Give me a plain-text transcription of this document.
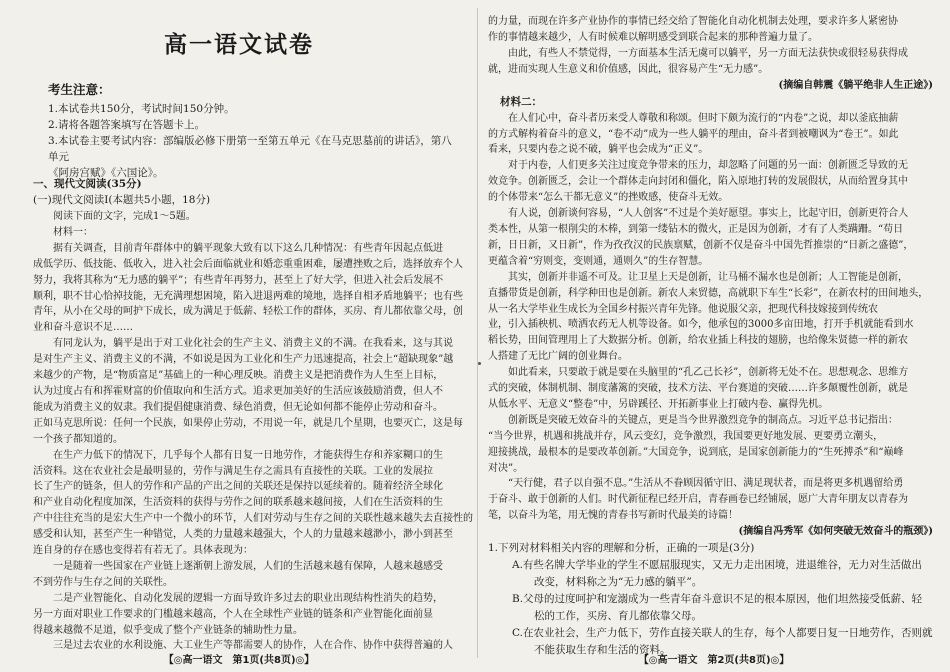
高一语文试卷
考生注意：
1.本试卷共150分，考试时间150分钟。
2.请将各题答案填写在答题卡上。
3.本试卷主要考试内容：部编版必修下册第一至第五单元《在马克思墓前的讲话》，第八单元
《阿房宫赋》《六国论》。
一、现代文阅读(35分)
(一)现代文阅读Ⅰ(本题共5小题，18分)
阅读下面的文字，完成1～5题。
材料一：
据有关调查，目前青年群体中的躺平现象大致有以下这么几种情况：有些青年因起点低进
成低学历、低技能、低收入，进入社会后面临就业和婚恋重重困难，屡遭挫败之后，选择放弃个人
努力，我将其称为“无力感的躺平”；有些青年再努力，甚至上了好大学，但进入社会后发展不
顺利，职不甘心恰掉技能，无充满理想困境，陷入进退两难的境地，选择自相矛盾地躺平；也有些
青年，从小在父母的呵护下成长，成为满足于低薪、轻松工作的群体，买房、育儿都依靠父母，创
业和奋斗意识不足……
有同龙认为，躺平是出于对工业化社会的生产主义、消费主义的不满。在我看来，这与其说
是对生产主义、消费主义的不满，不如说是因为工业化和生产力迅速提高，社会上“超缺现象”越
来越少的产物，是“物质富足”基础上的一种心理反映。消费主义是把消费作为人生至上目标，
认为过度占有和挥霍财富的价值取向和生活方式。追求更加美好的生活应该鼓励消费，但人不
能成为消费主义的奴隶。我们提倡健康消费、绿色消费，但无论如何都不能停止劳动和奋斗。
正如马克思所说：任何一个民族，如果停止劳动，不用说一年，就是几个星期，也要灭亡，这是每
一个孩子都知道的。
在生产力低下的情况下，几乎每个人都有日复一日地劳作，才能获得生存和养家糊口的生
活资料。这在农业社会是最明显的，劳作与满足生存之需具有直接性的关联。工业的发展拉
长了生产的链条，但人的劳作和产品的产出之间的关联还是保持以延续着的。随着经济全球化
和产业自动化程度加深，生活资料的获得与劳作之间的联系越来越间接，人们在生活资料的生
产中往往充当的是宏大生产中一个微小的环节，人们对劳动与生存之间的关联性越来越失去直接性的
感受和认知，甚至产生一种错觉，人类的力量越来越强大，个人的力量越来越渺小，渺小到甚至
连自身的存在感也变得若有若无了。具体表现为：
一是随着一些国家在产业链上逐渐朝上游发展，人们的生活越来越有保障，人越来越感受
不到劳作与生存之间的关联性。
二是产业智能化、自动化发展的逻辑一方面导致许多过去的职业出现结构性消失的趋势，
另一方面对职业工作要求的门槛越来越高，个人在全球性产业链的链条和产业智能化面前显
得越来越微不足道，似乎变成了整个产业链条的辅助性力量。
三是过去农业的水利设施、大工业生产等都需要人的协作，人在合作、协作中获得普遍的人
【◎高一语文　第1页(共8页)◎】
的力量，而现在许多产业协作的事情已经交给了智能化自动化机制去处理，要求许多人紧密协
作的事情越来越少，人有时候难以解明感受到联合起来的那种普遍力量了。
由此，有些人不禁觉得，一方面基本生活无虞可以躺平，另一方面无法获快或很轻易获得成
就，进而实现人生意义和价值感，因此，很容易产生“无力感”。
(摘编自韩震《躺平绝非人生正途》)
材料二：
在人们心中，奋斗者历来受人尊敬和称颂。但时下颇为流行的“内卷”之说，却以釜底抽薪
的方式解构着奋斗的意义，“卷不动”成为一些人躺平的理由，奋斗者到被嘲讽为“卷王”。如此
看来，只要内卷之说不破，躺平也会成为“正义”。
对于内卷，人们更多关注过度竞争带来的压力，却忽略了问题的另一面：创新匮乏导致的无
效竞争。创新匮乏，会让一个群体走向封闭和僵化，陷入原地打转的发展假状，从而给置身其中
的个体带来“怎么干都无意义”的挫败感，使奋斗无效。
有人说，创新谈何容易，“人人创客”不过是个美好愿望。事实上，比起守旧，创新更符合人
类本性，从第一根削尖的木棒，到第一缕钻木的微火，正是因为创新，才有了人类蹒跚。“苟日
新，日日新，又日新”，作为孜孜汉的民族禀赋，创新不仅是奋斗中国先哲推崇的“日新之盛德”，
更蕴含着“穷则变，变则通，通则久”的生存智慧。
其实，创新并非遥不可及。让卫星上天是创新，让马桶不漏水也是创新；人工智能是创新，
直播带货是创新，科学种田也是创新。新农人来贸德，高就职下车生“长彩”，在新农村的田间地头，
从一名大学毕业生成长为全国乡村振兴青年先锋。他说服父亲，把现代科技嫁接到传统农
业，引入插秧机、喷洒农药无人机等设备。如今，他承包的3000多亩田地，打开手机就能看到水
稻长势，田间管理用上了大数据分析。创新，给农业插上科技的翅膀，也给像朱贤德一样的新农
人搭建了无比广阔的创业舞台。
如此看来，只要敢于就是要在头脑里的“孔乙己长衫”，创新将无处不在。思想观念、思维方
式的突破，体制机制、制度藩篱的突破，技术方法、平台赛道的突破……许多颠覆性创新，就是
从低水平、无意义“整卷”中，另辟蹊径、开拓新事业上打破内卷、赢得先机。
创新既是突破无效奋斗的关键点，更是当今世界激烈竞争的制高点。习近平总书记指出：
“当今世界，机遇和挑战并存，风云变幻，竞争激烈，我国要更好地发展、更要勇立潮头，
迎接挑战，最根本的是要改革创新。”大国竞争，说到底，是国家创新能力的“生死搏杀”和“巅峰
对决”。
“天行健，君子以自强不息。”生活从不眷顾因循守旧、满足现状者，而是将更多机遇留给勇
于奋斗、敢于创新的人们。时代新征程已经开启，青春画卷已经铺展，愿广大青年朋友以青春为
笔，以奋斗为笔，用无愧的青春书写新时代最美的诗篇！
(摘编自冯秀军《如何突破无效奋斗的瓶颈》)
1.下列对材料相关内容的理解和分析，正确的一项是(3分)
A.有些名牌大学毕业的学生不愿屈服现实，又无力走出困境，进退维谷，无力对生活做出
改变，材料称之为“无力感的躺平”。
B.父母的过度呵护和宠溺成为一些青年奋斗意识不足的根本原因，他们坦然接受低薪、轻
松的工作，买房、育儿都依靠父母。
C.在农业社会，生产力低下，劳作直接关联人的生存，每个人都要日复一日地劳作，否则就
不能获取生存和生活的资料。
【◎高一语文　第2页(共8页)◎】
